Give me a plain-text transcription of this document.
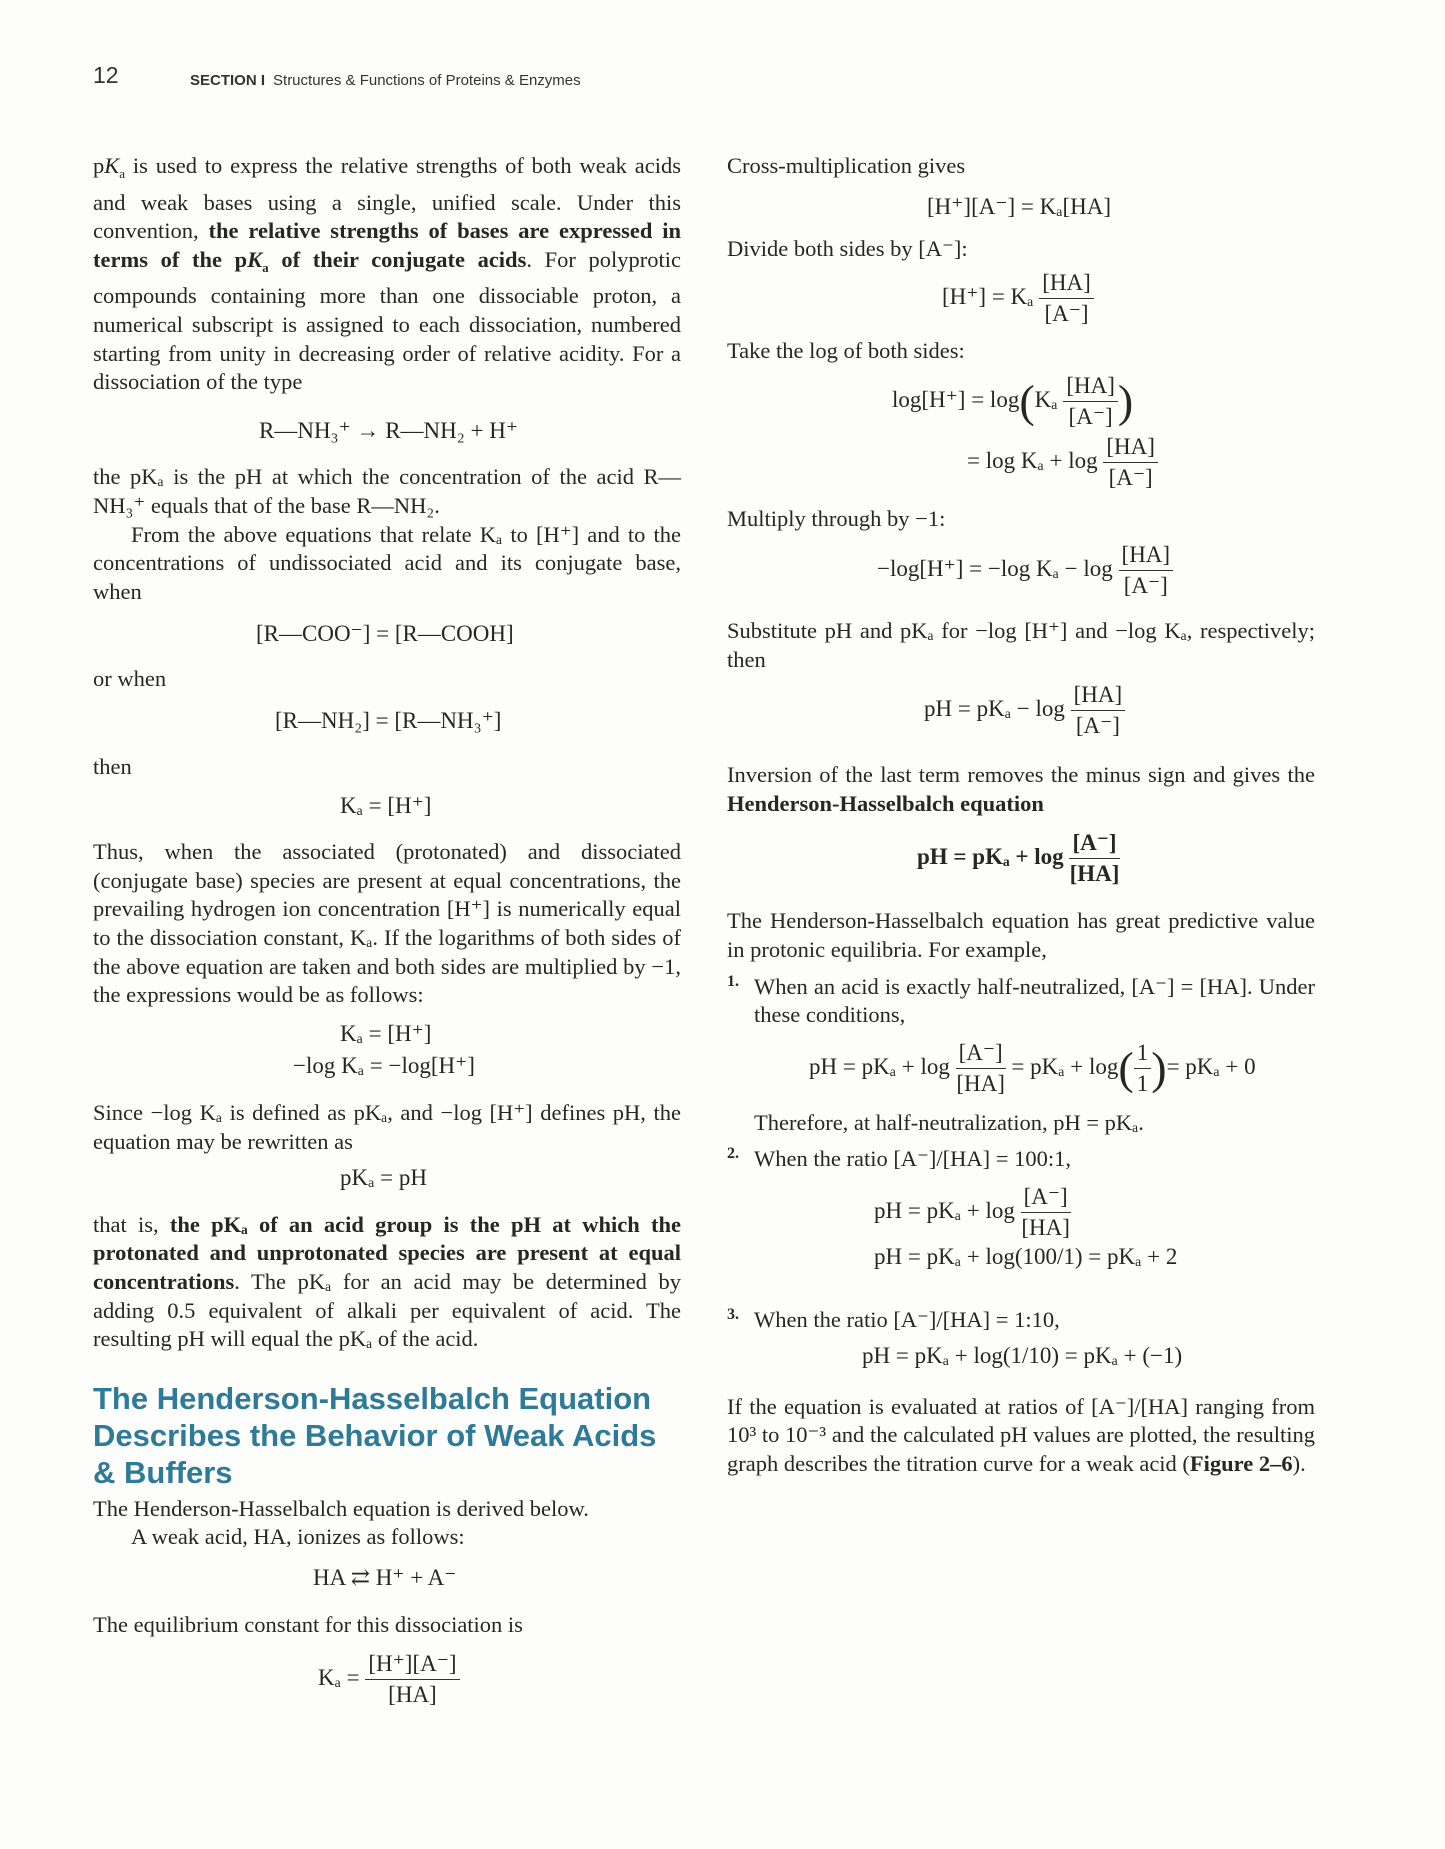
12	SECTION I Structures & Functions of Proteins & Enzymes

$pK_a$ is used to express the relative strengths of both weak acids and weak bases using a single, unified scale. Under this convention, the relative strengths of bases are expressed in terms of the $pK_a$ of their conjugate acids. For polyprotic compounds containing more than one dissociable proton, a numerical subscript is assigned to each dissociation, numbered starting from unity in decreasing order of relative acidity. For a dissociation of the type

R—NH₃⁺ → R—NH₂ + H⁺

the pKₐ is the pH at which the concentration of the acid R—NH₃⁺ equals that of the base R—NH₂.

From the above equations that relate Kₐ to [H⁺] and to the concentrations of undissociated acid and its conjugate base, when

[R—COO⁻] = [R—COOH]

or when

[R—NH₂] = [R—NH₃⁺]

then

Kₐ = [H⁺]

Thus, when the associated (protonated) and dissociated (conjugate base) species are present at equal concentrations, the prevailing hydrogen ion concentration [H⁺] is numerically equal to the dissociation constant, Kₐ. If the logarithms of both sides of the above equation are taken and both sides are multiplied by −1, the expressions would be as follows:

Kₐ = [H⁺]

−log Kₐ = −log[H⁺]

Since −log Kₐ is defined as pKₐ, and −log [H⁺] defines pH, the equation may be rewritten as

pKₐ = pH

that is, the pKₐ of an acid group is the pH at which the protonated and unprotonated species are present at equal concentrations. The pKₐ for an acid may be determined by adding 0.5 equivalent of alkali per equivalent of acid. The resulting pH will equal the pKₐ of the acid.

The Henderson-Hasselbalch Equation Describes the Behavior of Weak Acids & Buffers

The Henderson-Hasselbalch equation is derived below.

A weak acid, HA, ionizes as follows:

HA ⇄ H⁺ + A⁻

The equilibrium constant for this dissociation is

$K_a = \frac{[H^+][A^-]}{[HA]}$

Cross-multiplication gives

[H⁺][A⁻] = Kₐ[HA]

Divide both sides by [A⁻]:

[H⁺] = Kₐ $\frac{[HA]}{[A^-]}$

Take the log of both sides:

$\log[H^+] = \log(K_a \frac{[HA]}{[A^-]}$ )

= $\log K_a + \log \frac{[HA]}{[A^-]}$

Multiply through by −1:

−log[H⁺] = −log $K_a - \log \frac{[HA]}{[A^-]}$

Substitute pH and pKₐ for −log [H⁺] and −log Kₐ, respectively; then

pH = $pK_a - \log \frac{[HA]}{[A^-]}$

Inversion of the last term removes the minus sign and gives the Henderson-Hasselbalch equation

pH = $pK_a + \log \frac{[A^-]}{[HA]}$

The Henderson-Hasselbalch equation has great predictive value in protonic equilibria. For example,

1. When an acid is exactly half-neutralized, [A⁻] = [HA]. Under these conditions,

pH = $pK_a + \log \frac{[A^-]}{[HA]} = pK_a + \log( \frac{1}{1}$ )= pKₐ + 0

Therefore, at half-neutralization, pH = pKₐ.

2. When the ratio [A⁻]/[HA] = 100:1,

pH = $pK_a + \log \frac{[A^-]}{[HA]}$

pH = pKₐ + log(100/1) = pKₐ + 2

3. When the ratio [A⁻]/[HA] = 1:10,

pH = pKₐ + log(1/10) = pKₐ + (−1)

If the equation is evaluated at ratios of [A⁻]/[HA] ranging from 10³ to 10⁻³ and the calculated pH values are plotted, the resulting graph describes the titration curve for a weak acid (Figure 2–6).
